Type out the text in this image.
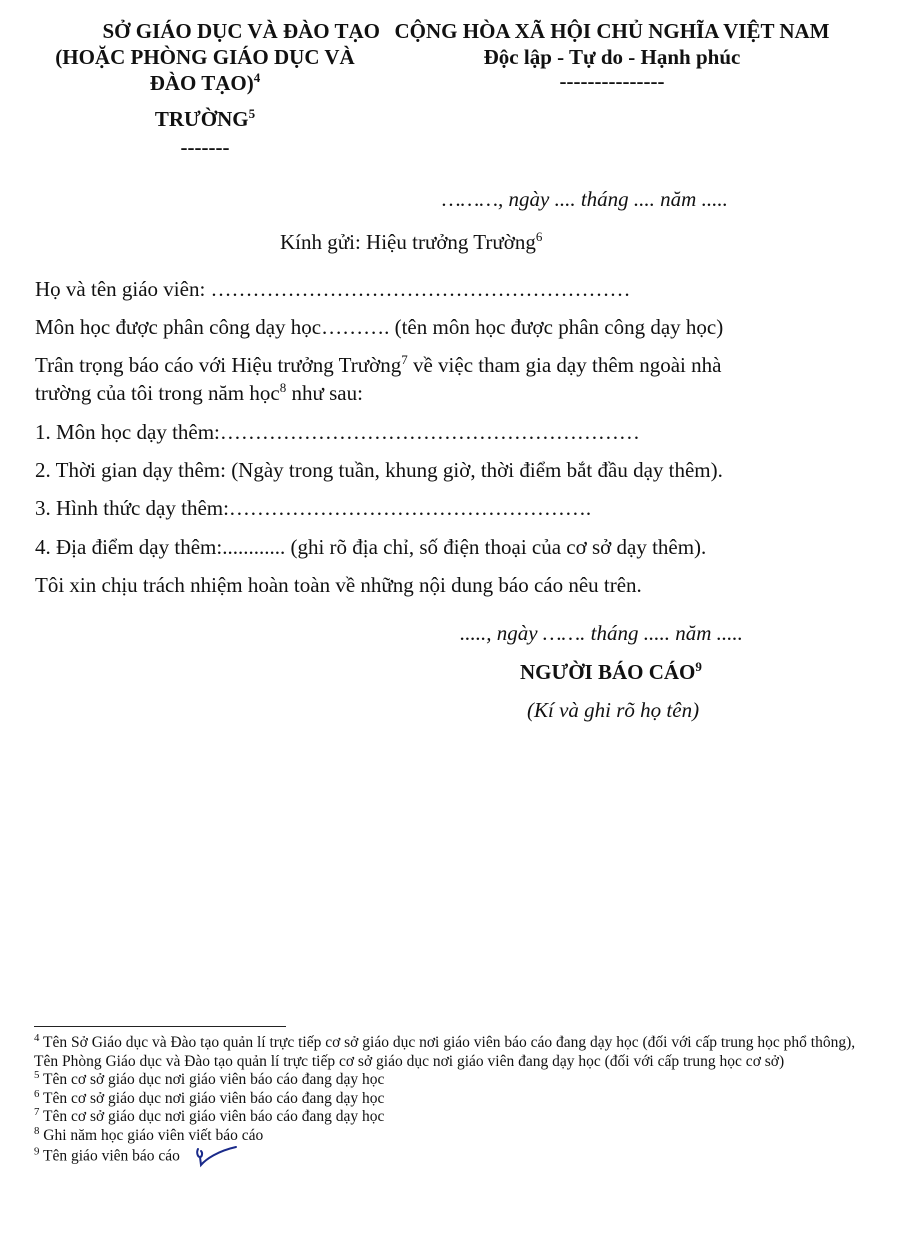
SỞ GIÁO DỤC VÀ ĐÀO TẠO
(HOẶC PHÒNG GIÁO DỤC VÀ
ĐÀO TẠO)$^4$
TRƯỜNG$^5$
-------
CỘNG HÒA XÃ HỘI CHỦ NGHĨA VIỆT NAM
Độc lập - Tự do - Hạnh phúc
---------------
………, ngày .... tháng .... năm .....
Kính gửi: Hiệu trưởng Trường$^6$
Họ và tên giáo viên: ……………………………………………………
Môn học được phân công dạy học………. (tên môn học được phân công dạy học)
Trân trọng báo cáo với Hiệu trưởng Trường$^7$ về việc tham gia dạy thêm ngoài nhà
trường của tôi trong năm học$^8$ như sau:
1. Môn học dạy thêm:……………………………………………………
2. Thời gian dạy thêm: (Ngày trong tuần, khung giờ, thời điểm bắt đầu dạy thêm).
3. Hình thức dạy thêm:…………………………………………….
4. Địa điểm dạy thêm:............ (ghi rõ địa chỉ, số điện thoại của cơ sở dạy thêm).
Tôi xin chịu trách nhiệm hoàn toàn về những nội dung báo cáo nêu trên.
....., ngày ……. tháng ..... năm .....
NGƯỜI BÁO CÁO$^9$
(Kí và ghi rõ họ tên)

$^4$ Tên Sở Giáo dục và Đào tạo quản lí trực tiếp cơ sở giáo dục nơi giáo viên báo cáo đang dạy học (đối với cấp trung học phổ thông), Tên Phòng Giáo dục và Đào tạo quản lí trực tiếp cơ sở giáo dục nơi giáo viên đang dạy học (đối với cấp trung học cơ sở)

$^5$ Tên cơ sở giáo dục nơi giáo viên báo cáo đang dạy học

$^6$ Tên cơ sở giáo dục nơi giáo viên báo cáo đang dạy học

$^7$ Tên cơ sở giáo dục nơi giáo viên báo cáo đang dạy học

$^8$ Ghi năm học giáo viên viết báo cáo

$^9$ Tên giáo viên báo cáo
